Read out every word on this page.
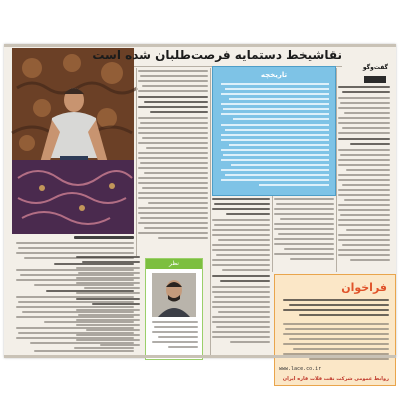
نقاشیخط دستمایه فرصت‌طلبان شده است
گفت‌وگو
تاریخچه
نظر
فراخوان
www.lace.co.ir
روابط عمومی شرکت نفت فلات قاره ایران
